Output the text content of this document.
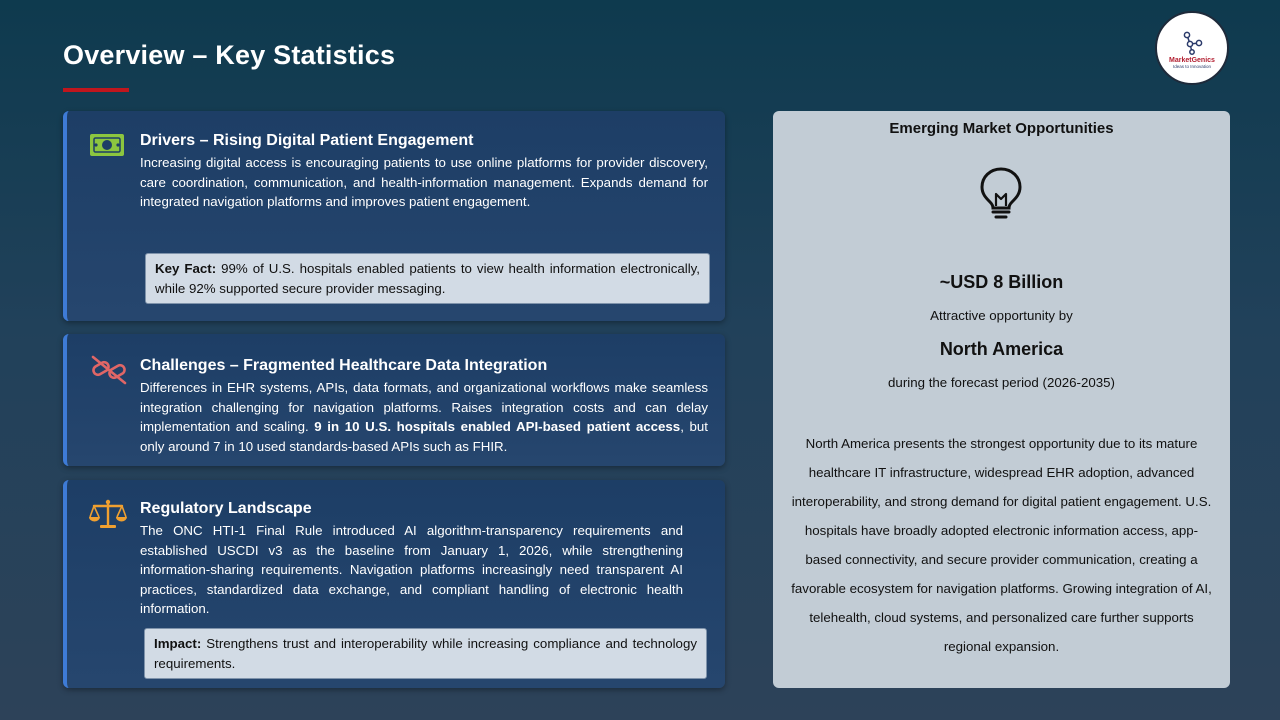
Overview – Key Statistics	MarketGenics
Ideas to Innovation
Drivers – Rising Digital Patient Engagement

Increasing digital access is encouraging patients to use online platforms for provider discovery, care coordination, communication, and health-information management. Expands demand for integrated navigation platforms and improves patient engagement.

Key Fact: 99% of U.S. hospitals enabled patients to view health information electronically, while 92% supported secure provider messaging.
Challenges – Fragmented Healthcare Data Integration

Differences in EHR systems, APIs, data formats, and organizational workflows make seamless integration challenging for navigation platforms. Raises integration costs and can delay implementation and scaling. 9 in 10 U.S. hospitals enabled API-based patient access, but only around 7 in 10 used standards-based APIs such as FHIR.

Regulatory Landscape

The ONC HTI-1 Final Rule introduced AI algorithm-transparency requirements and established USCDI v3 as the baseline from January 1, 2026, while strengthening information-sharing requirements. Navigation platforms increasingly need transparent AI practices, standardized data exchange, and compliant handling of electronic health information.

Impact: Strengthens trust and interoperability while increasing compliance and technology requirements.
Emerging Market Opportunities
~USD 8 Billion
Attractive opportunity by
North America
during the forecast period (2026-2035)
North America presents the strongest opportunity due to its mature healthcare IT infrastructure, widespread EHR adoption, advanced interoperability, and strong demand for digital patient engagement. U.S. hospitals have broadly adopted electronic information access, app-based connectivity, and secure provider communication, creating a favorable ecosystem for navigation platforms. Growing integration of AI, telehealth, cloud systems, and personalized care further supports regional expansion.
